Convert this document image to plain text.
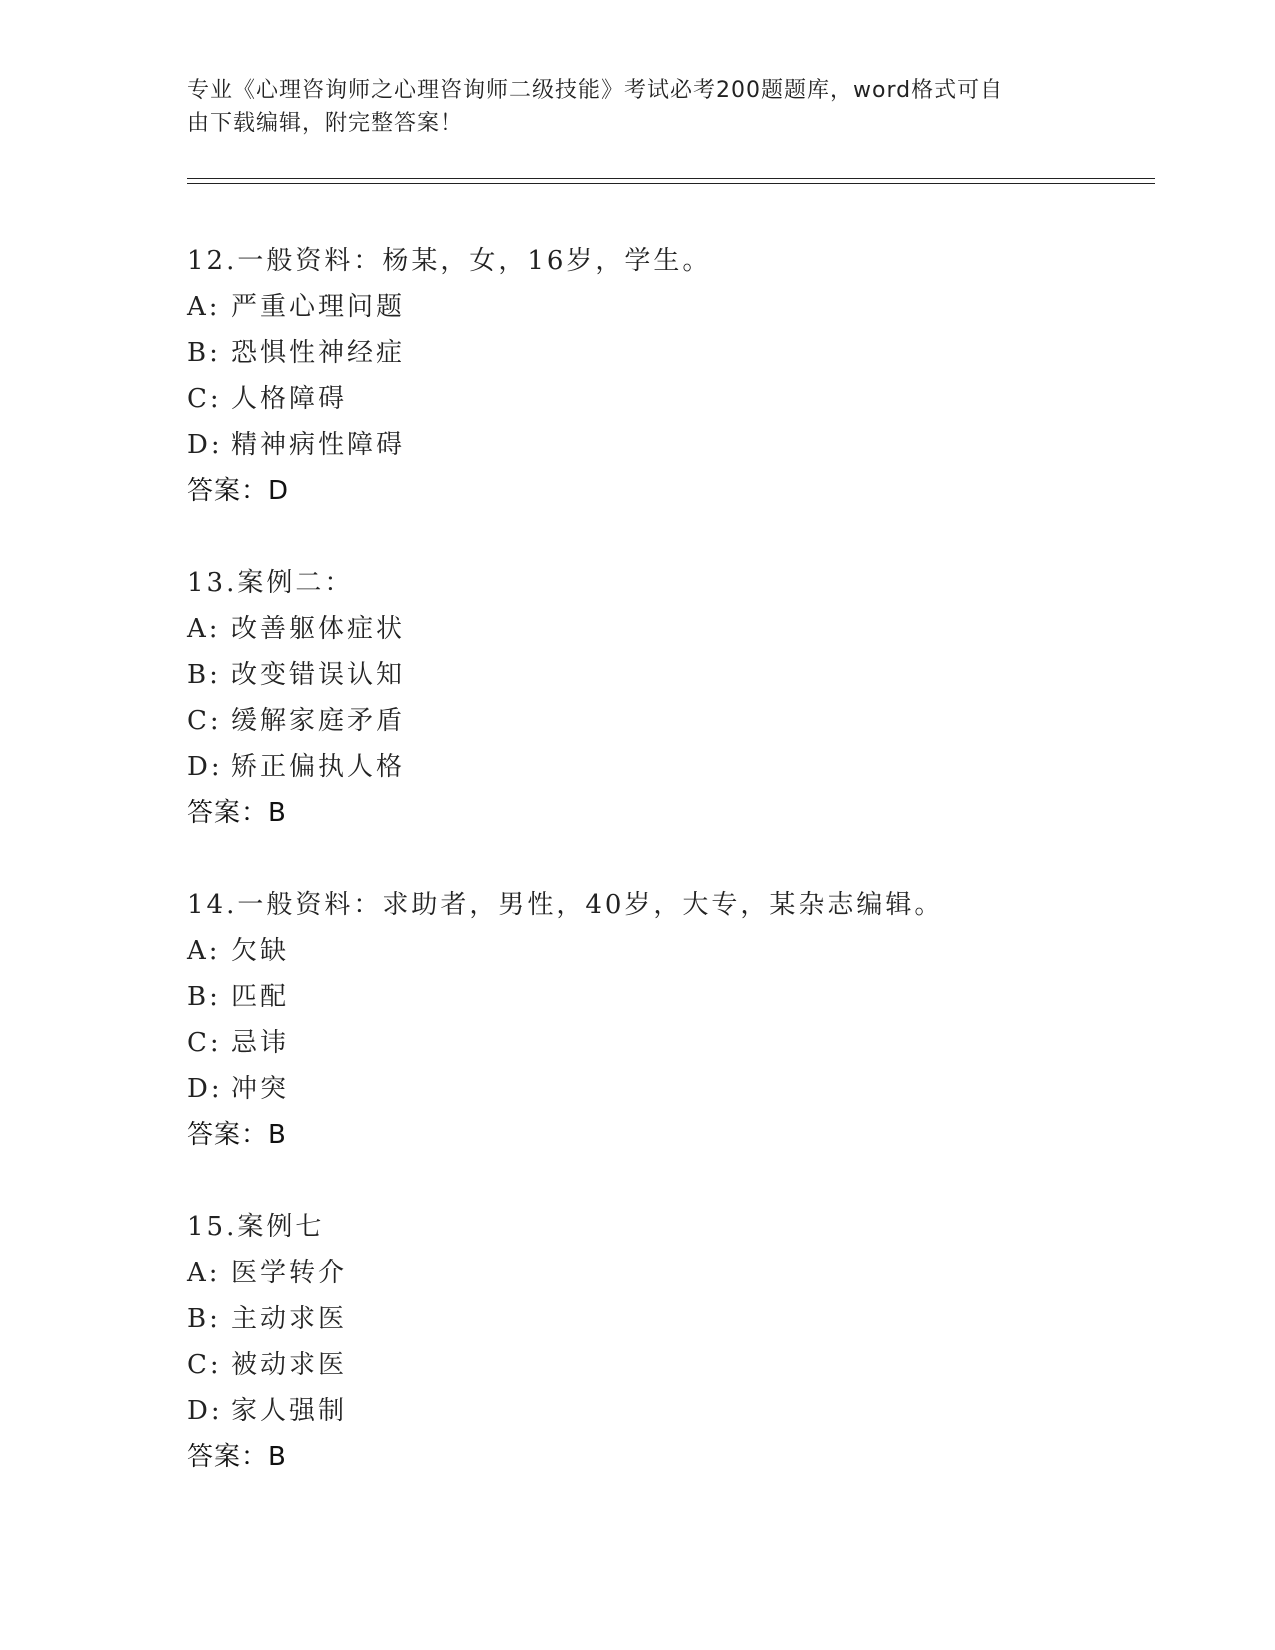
专业《心理咨询师之心理咨询师二级技能》考试必考200题题库，word格式可自
由下载编辑，附完整答案！
12.一般资料：杨某，女，16岁，学生。
A: 严重心理问题
B: 恐惧性神经症
C: 人格障碍
D: 精神病性障碍
答案：D
13.案例二：
A: 改善躯体症状
B: 改变错误认知
C: 缓解家庭矛盾
D: 矫正偏执人格
答案：B
14.一般资料：求助者，男性，40岁，大专，某杂志编辑。
A: 欠缺
B: 匹配
C: 忌讳
D: 冲突
答案：B
15.案例七
A: 医学转介
B: 主动求医
C: 被动求医
D: 家人强制
答案：B
